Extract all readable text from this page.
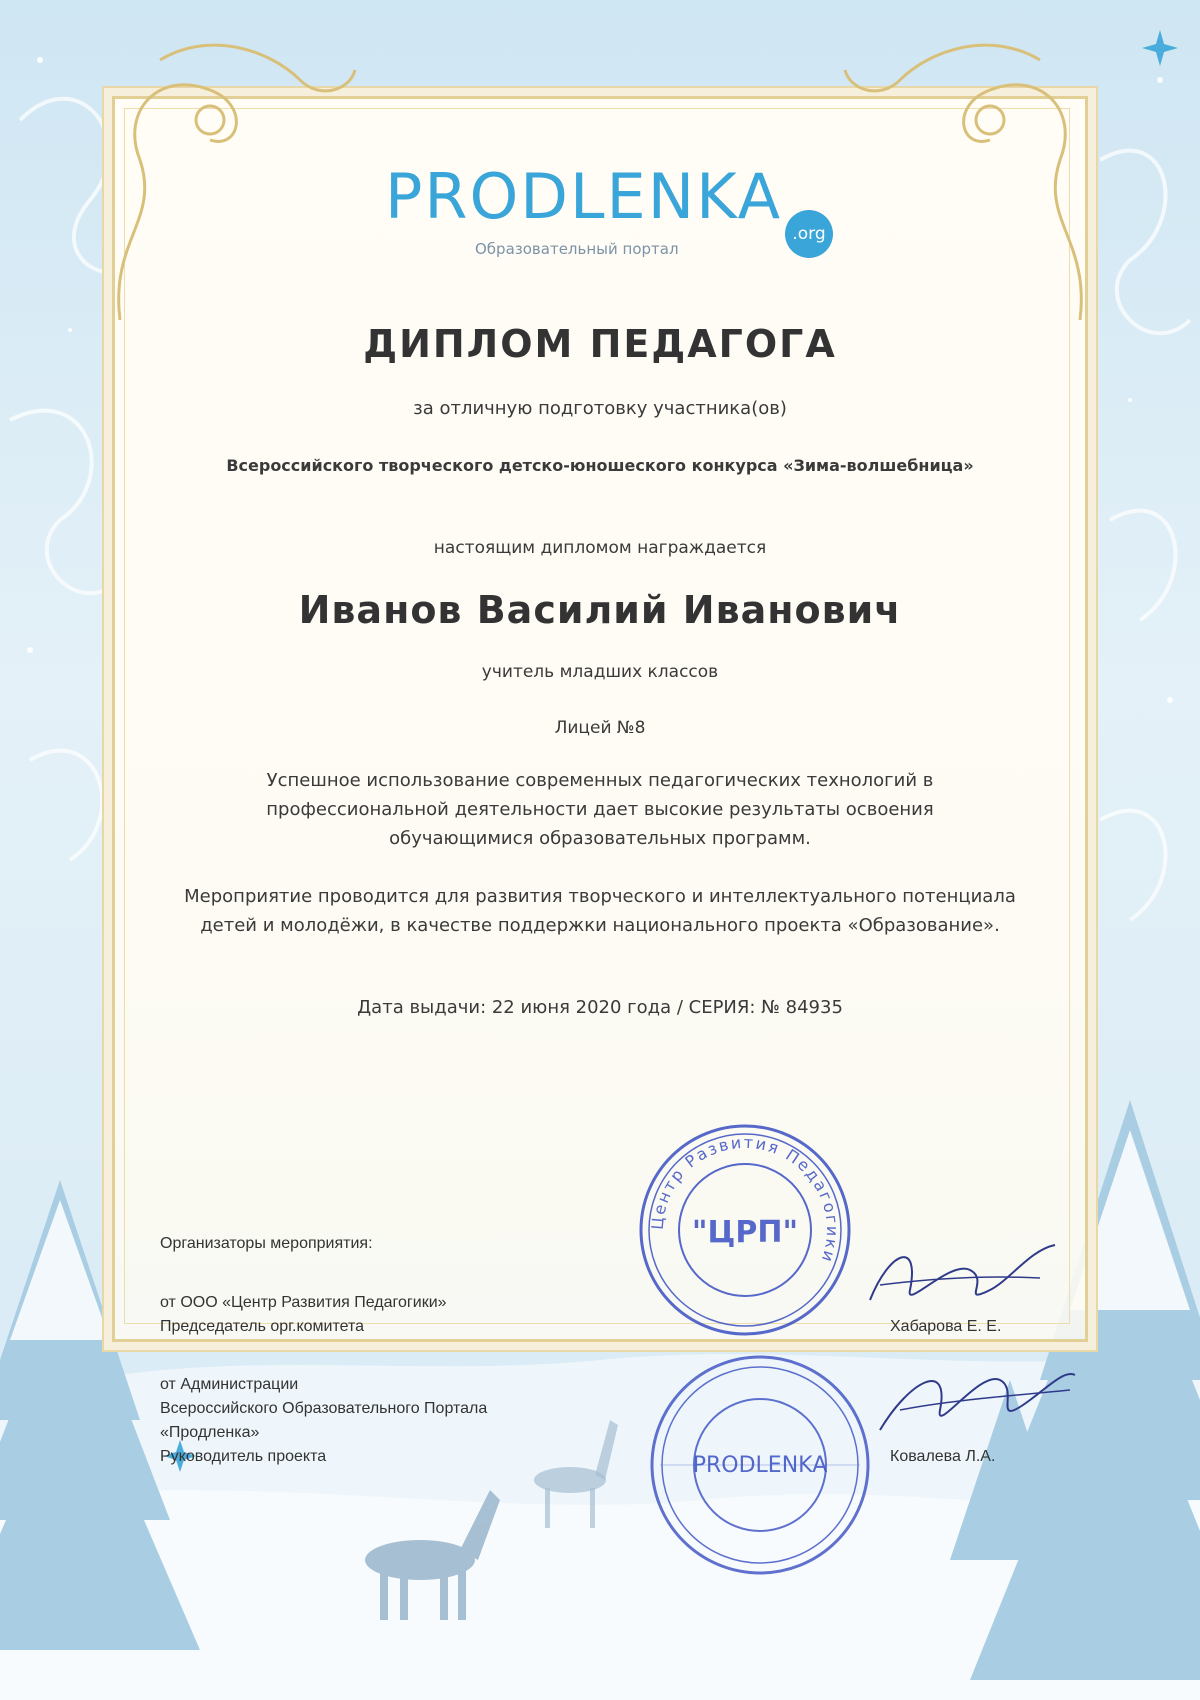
PRODLENKA
.org
Образовательный портал
ДИПЛОМ ПЕДАГОГА
за отличную подготовку участника(ов)
Всероссийского творческого детско-юношеского конкурса «Зима-волшебница»
настоящим дипломом награждается
Иванов Василий Иванович
учитель младших классов
Лицей №8
Успешное использование современных педагогических технологий в профессиональной деятельности дает высокие результаты освоения обучающимися образовательных программ.
Мероприятие проводится для развития творческого и интеллектуального потенциала детей и молодёжи, в качестве поддержки национального проекта «Образование».
Дата выдачи: 22 июня 2020 года / СЕРИЯ: № 84935
Организаторы мероприятия:
от ООО «Центр Развития Педагогики»
Председатель орг.комитета
от Администрации
Всероссийского Образовательного Портала
«Продленка»
Руководитель проекта
Центр Развития Педагогики
"ЦРП"
PRODLENKA
Хабарова Е. Е.
Ковалева Л.А.
